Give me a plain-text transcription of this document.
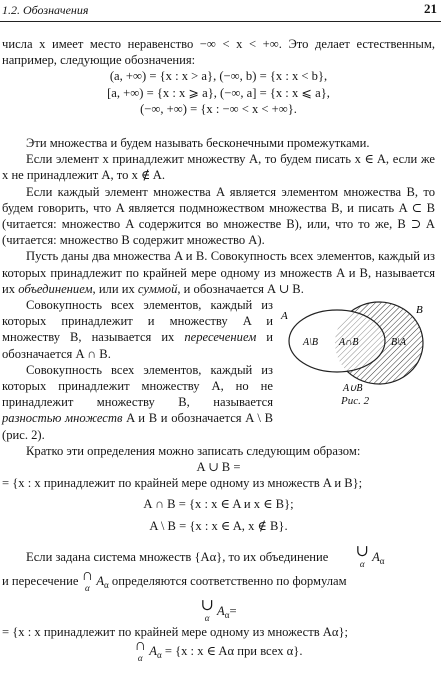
1.2. Обозначения	21

числа x имеет место неравенство −∞ < x < +∞. Это делает естественным, например, следующие обозначения:

(a, +∞) = {x : x > a}, (−∞, b) = {x : x < b},

[a, +∞) = {x : x ⩾ a}, (−∞, a] = {x : x ⩽ a},

(−∞, +∞) = {x : −∞ < x < +∞}.

Эти множества и будем называть бесконечными промежутками.

Если элемент x принадлежит множеству A, то будем писать x ∈ A, если же x не принадлежит A, то x ∉ A.

Если каждый элемент множества A является элементом множества B, то будем говорить, что A является подмножеством множества B, и писать A ⊂ B (читается: множество A содержится во множестве B), или, что то же, B ⊃ A (читается: множество B содержит множество A).

Пусть даны два множества A и B. Совокупность всех элементов, каждый из которых принадлежит по крайней мере одному из множеств A и B, называется их объединением, или их суммой, и обозначается A ∪ B.

A	B
A\B A∩B	B\A
A∪B
Рис. 2

Совокупность всех элементов, каждый из которых принадлежит и множеству A и множеству B, называется их пересечением и обозначается A ∩ B.

Совокупность всех элементов, каждый из которых принадлежит множеству A, но не принадлежит множеству B, называется разностью множеств A и B и обозначается A \ B (рис. 2).

Кратко эти определения можно записать следующим образом:

A ∪ B =

= {x : x принадлежит по крайней мере одному из множеств A и B};

A ∩ B = {x : x ∈ A и x ∈ B};

A \ B = {x : x ∈ A, x ∉ B}.

Если задана система множеств {Aα}, то их объединение	∪
α
$A_\alpha$

и пересечение ∩
α
$A_\alpha$ определяются соответственно по формулам

∪
α
$A_\alpha=$

= {x : x принадлежит по крайней мере одному из множеств Aα};

∩
α
$A_\alpha = \{x$ : x ∈ Aα при всех α}.
